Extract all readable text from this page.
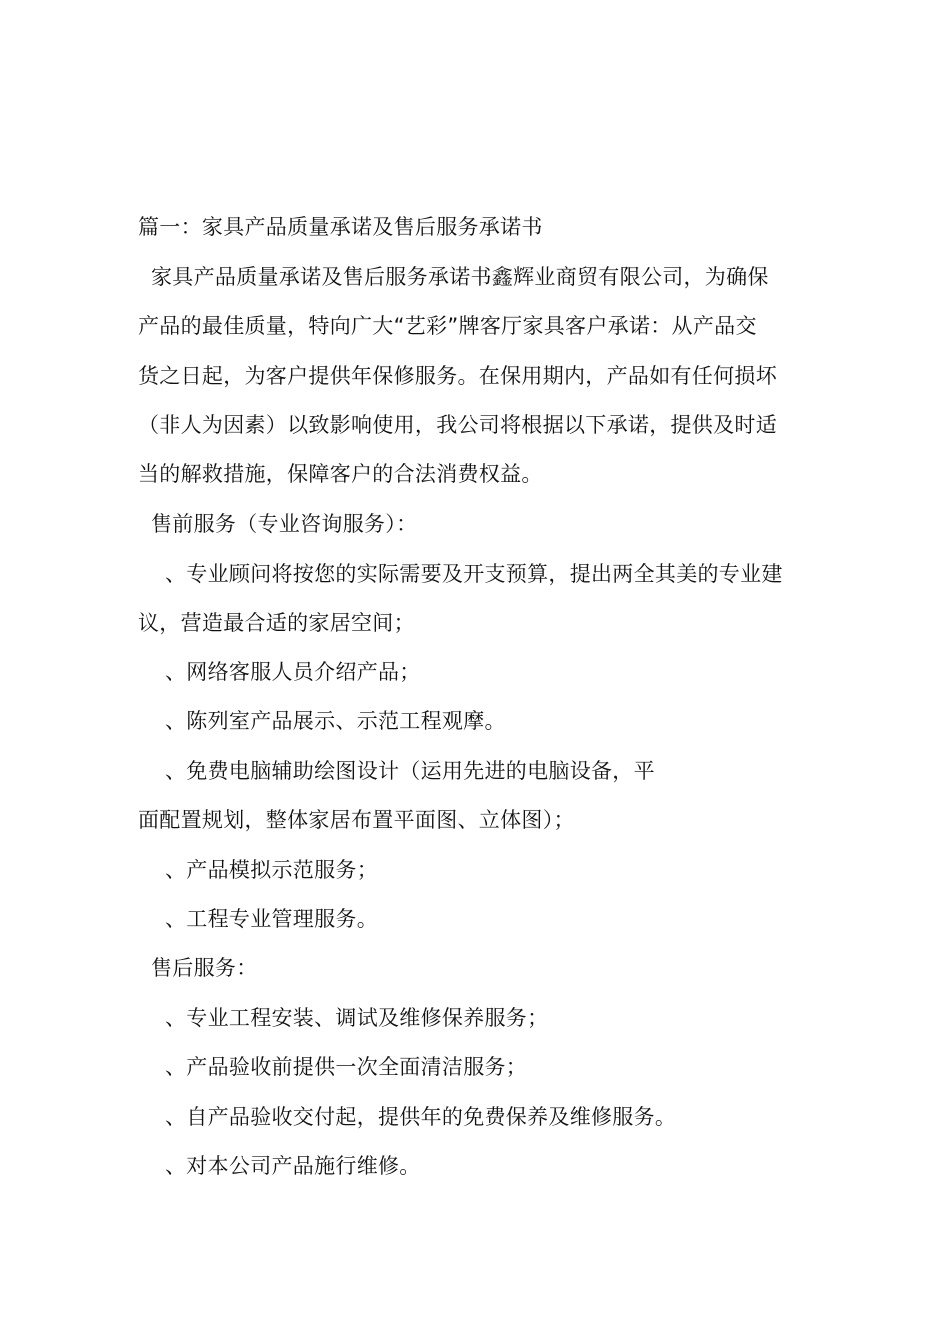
篇一：家具产品质量承诺及售后服务承诺书
家具产品质量承诺及售后服务承诺书鑫辉业商贸有限公司，为确保
产品的最佳质量，特向广大“艺彩”牌客厅家具客户承诺：从产品交
货之日起，为客户提供年保修服务。在保用期内，产品如有任何损坏
（非人为因素）以致影响使用，我公司将根据以下承诺，提供及时适
当的解救措施，保障客户的合法消费权益。
售前服务（专业咨询服务）：
、专业顾问将按您的实际需要及开支预算，提出两全其美的专业建
议，营造最合适的家居空间；
、网络客服人员介绍产品；
、陈列室产品展示、示范工程观摩。
、免费电脑辅助绘图设计（运用先进的电脑设备，平
面配置规划，整体家居布置平面图、立体图）；
、产品模拟示范服务；
、工程专业管理服务。
售后服务：
、专业工程安装、调试及维修保养服务；
、产品验收前提供一次全面清洁服务；
、自产品验收交付起，提供年的免费保养及维修服务。
、对本公司产品施行维修。
